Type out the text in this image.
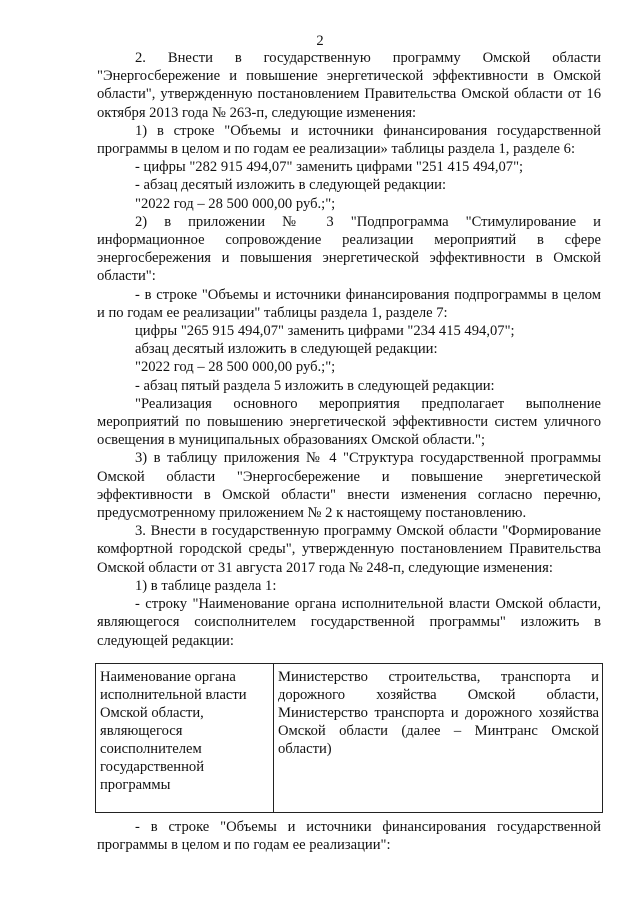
2

2. Внести в государственную программу Омской области "Энергосбережение и повышение энергетической эффективности в Омской области", утвержденную постановлением Правительства Омской области от 16 октября 2013 года № 263-п, следующие изменения:

1) в строке "Объемы и источники финансирования государственной программы в целом и по годам ее реализации» таблицы раздела 1, разделе 6:

- цифры "282 915 494,07" заменить цифрами "251 415 494,07";

- абзац десятый изложить в следующей редакции:

"2022 год – 28 500 000,00 руб.;";

2) в приложении № 3 "Подпрограмма "Стимулирование и информационное сопровождение реализации мероприятий в сфере энергосбережения и повышения энергетической эффективности в Омской области":

- в строке "Объемы и источники финансирования подпрограммы в целом и по годам ее реализации" таблицы раздела 1, разделе 7:

цифры "265 915 494,07" заменить цифрами "234 415 494,07";

абзац десятый изложить в следующей редакции:

"2022 год – 28 500 000,00 руб.;";

- абзац пятый раздела 5 изложить в следующей редакции:

"Реализация основного мероприятия предполагает выполнение мероприятий по повышению энергетической эффективности систем уличного освещения в муниципальных образованиях Омской области.";

3) в таблицу приложения № 4 "Структура государственной программы Омской области "Энергосбережение и повышение энергетической эффективности в Омской области" внести изменения согласно перечню, предусмотренному приложением № 2 к настоящему постановлению.

3. Внести в государственную программу Омской области "Формирование комфортной городской среды", утвержденную постановлением Правительства Омской области от 31 августа 2017 года № 248-п, следующие изменения:

1) в таблице раздела 1:

- строку "Наименование органа исполнительной власти Омской области, являющегося соисполнителем государственной программы" изложить в следующей редакции:

Наименование органа исполнительной власти Омской области, являющегося соисполнителем государственной программы	Министерство строительства, транспорта и дорожного хозяйства Омской области, Министерство транспорта и дорожного хозяйства Омской области (далее – Минтранс Омской области)

- в строке "Объемы и источники финансирования государственной программы в целом и по годам ее реализации":
